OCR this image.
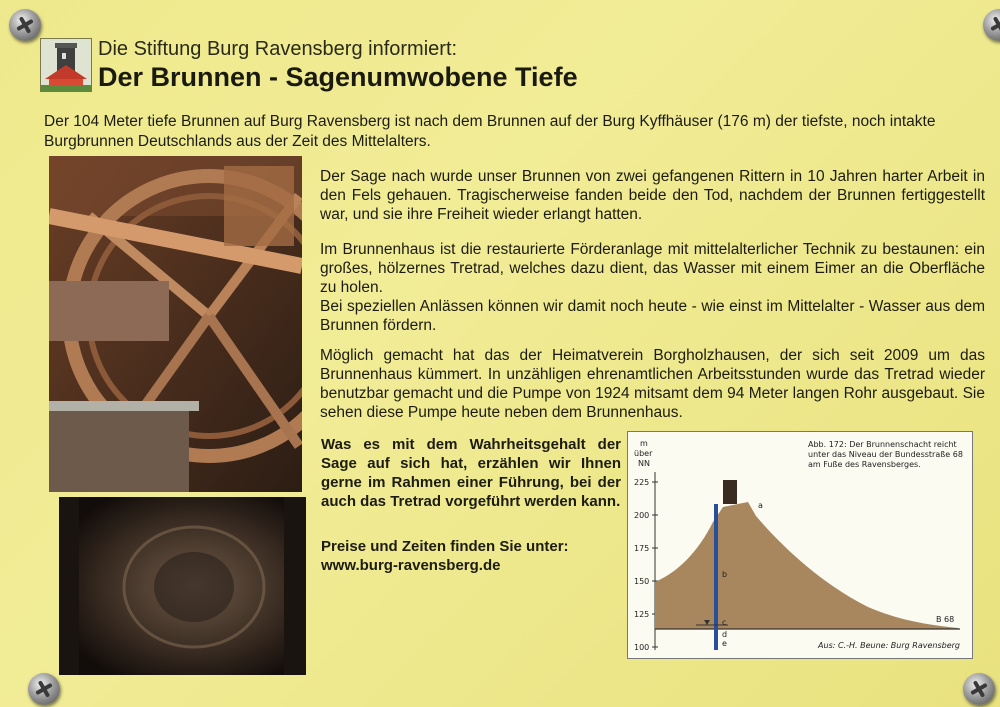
Die Stiftung Burg Ravensberg informiert:
Der Brunnen - Sagenumwobene Tiefe
Der 104 Meter tiefe Brunnen auf Burg Ravensberg ist nach dem Brunnen auf der Burg Kyffhäuser (176 m) der tiefste, noch intakte Burgbrunnen Deutschlands aus der Zeit des Mittelalters.
Der Sage nach wurde unser Brunnen von zwei gefangenen Rittern in 10 Jahren harter Arbeit in den Fels gehauen. Tragischerweise fanden beide den Tod, nachdem der Brunnen fertiggestellt war, und sie ihre Freiheit wieder erlangt hatten.
Im Brunnenhaus ist die restaurierte Förderanlage mit mittelalterlicher Technik zu bestaunen: ein großes, hölzernes Tretrad, welches dazu dient, das Wasser mit einem Eimer an die Oberfläche zu holen.
Bei speziellen Anlässen können wir damit noch heute - wie einst im Mittelalter - Wasser aus dem Brunnen fördern.
Möglich gemacht hat das der Heimatverein Borgholzhausen, der sich seit 2009 um das Brunnenhaus kümmert. In unzähligen ehrenamtlichen Arbeitsstunden wurde das Tretrad wieder benutzbar gemacht und die Pumpe von 1924 mitsamt dem 94 Meter langen Rohr ausgebaut. Sie sehen diese Pumpe heute neben dem Brunnenhaus.
Was es mit dem Wahrheitsgehalt der Sage auf sich hat, erzählen wir Ihnen gerne im Rahmen einer Führung, bei der auch das Tretrad vorgeführt werden kann.
Preise und Zeiten finden Sie unter:
www.burg-ravensberg.de
m
über
NN
225
200
175
150
125
100
a
b
c
d
e
B 68
Abb. 172: Der Brunnenschacht reicht unter das Niveau der Bundesstraße 68 am Fuße des Ravensberges.
Aus: C.-H. Beune: Burg Ravensberg
